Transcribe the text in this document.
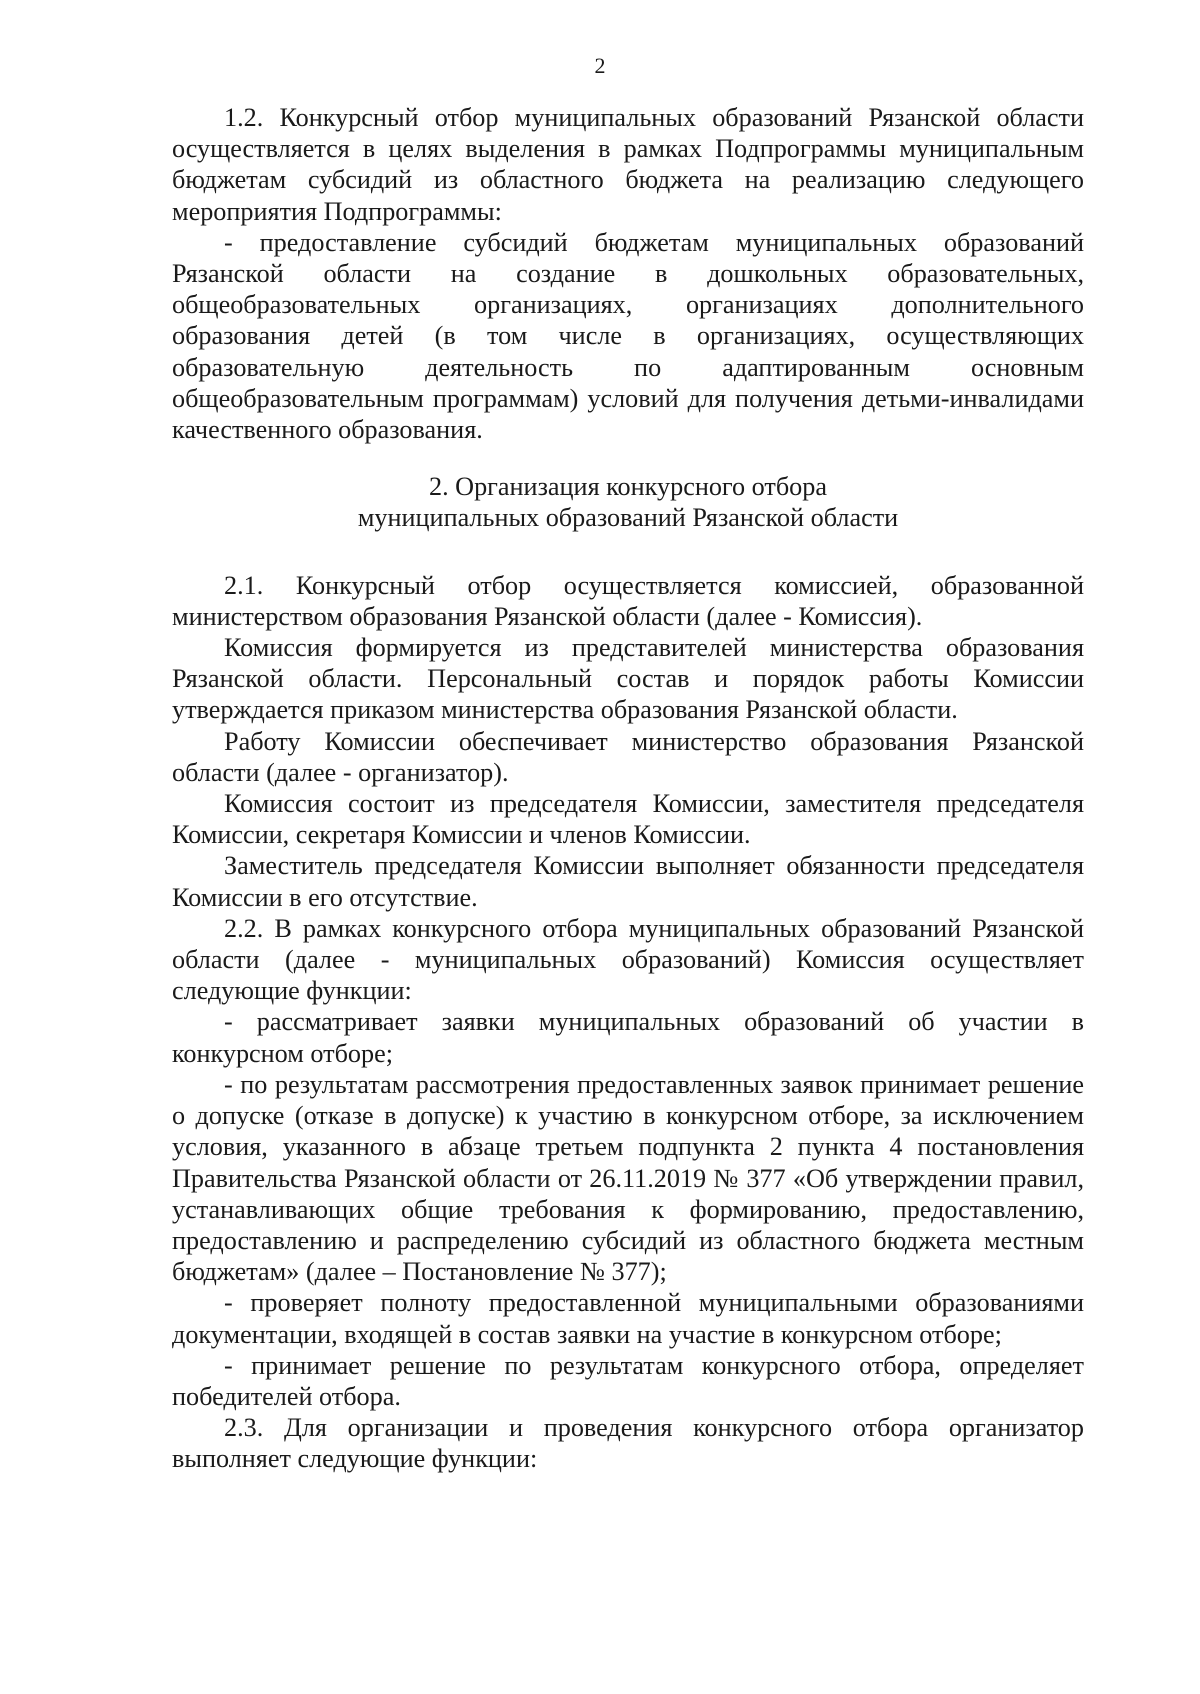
2

1.2. Конкурсный отбор муниципальных образований Рязанской области осуществляется в целях выделения в рамках Подпрограммы муниципальным бюджетам субсидий из областного бюджета на реализацию следующего мероприятия Подпрограммы:

- предоставление субсидий бюджетам муниципальных образований Рязанской области на создание в дошкольных образовательных, общеобразовательных организациях, организациях дополнительного образования детей (в том числе в организациях, осуществляющих образовательную деятельность по адаптированным основным общеобразовательным программам) условий для получения детьми-инвалидами качественного образования.

2. Организация конкурсного отбора

муниципальных образований Рязанской области

2.1. Конкурсный отбор осуществляется комиссией, образованной министерством образования Рязанской области (далее - Комиссия).

Комиссия формируется из представителей министерства образования Рязанской области. Персональный состав и порядок работы Комиссии утверждается приказом министерства образования Рязанской области.

Работу Комиссии обеспечивает министерство образования Рязанской области (далее - организатор).

Комиссия состоит из председателя Комиссии, заместителя председателя Комиссии, секретаря Комиссии и членов Комиссии.

Заместитель председателя Комиссии выполняет обязанности председателя Комиссии в его отсутствие.

2.2. В рамках конкурсного отбора муниципальных образований Рязанской области (далее - муниципальных образований) Комиссия осуществляет следующие функции:

- рассматривает заявки муниципальных образований об участии в конкурсном отборе;

- по результатам рассмотрения предоставленных заявок принимает решение о допуске (отказе в допуске) к участию в конкурсном отборе, за исключением условия, указанного в абзаце третьем подпункта 2 пункта 4 постановления Правительства Рязанской области от 26.11.2019 № 377 «Об утверждении правил, устанавливающих общие требования к формированию, предоставлению, предоставлению и распределению субсидий из областного бюджета местным бюджетам» (далее – Постановление № 377);

- проверяет полноту предоставленной муниципальными образованиями документации, входящей в состав заявки на участие в конкурсном отборе;

- принимает решение по результатам конкурсного отбора, определяет победителей отбора.

2.3. Для организации и проведения конкурсного отбора организатор выполняет следующие функции:
